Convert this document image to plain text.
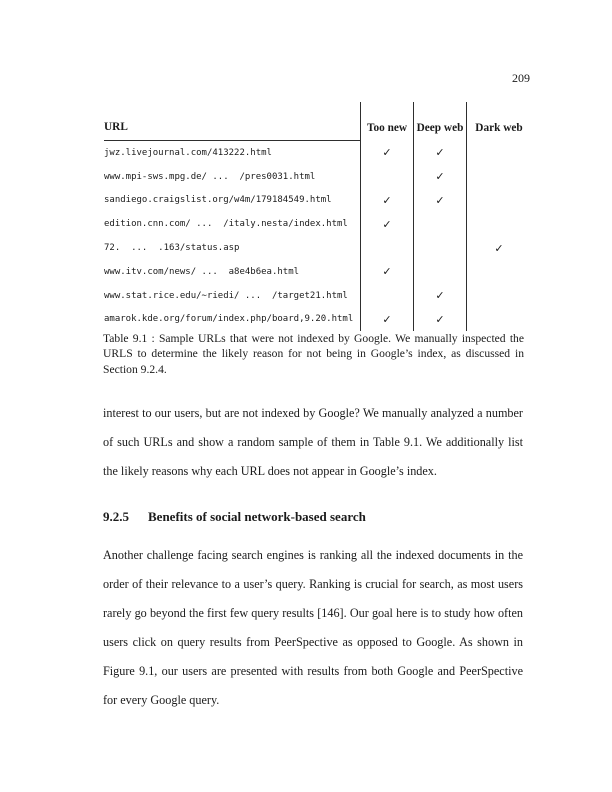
209
URL	Too new	Deep web	Dark web
jwz.livejournal.com/413222.html	✓	✓	
www.mpi-sws.mpg.de/ ...  /pres0031.html		✓	
sandiego.craigslist.org/w4m/179184549.html	✓	✓	
edition.cnn.com/ ...  /italy.nesta/index.html	✓		
72.  ...  .163/status.asp			✓
www.itv.com/news/ ...  a8e4b6ea.html	✓		
www.stat.rice.edu/∼riedi/ ...  /target21.html		✓	
amarok.kde.org/forum/index.php/board,9.20.html	✓	✓	

Table 9.1 : Sample URLs that were not indexed by Google. We manually inspected the URLS to determine the likely reason for not being in Google’s index, as discussed in Section 9.2.4.

interest to our users, but are not indexed by Google? We manually analyzed a number of such URLs and show a random sample of them in Table 9.1. We additionally list the likely reasons why each URL does not appear in Google’s index.

9.2.5 Benefits of social network-based search

Another challenge facing search engines is ranking all the indexed documents in the order of their relevance to a user’s query. Ranking is crucial for search, as most users rarely go beyond the first few query results [146]. Our goal here is to study how often users click on query results from PeerSpective as opposed to Google. As shown in Figure 9.1, our users are presented with results from both Google and PeerSpective for every Google query.
